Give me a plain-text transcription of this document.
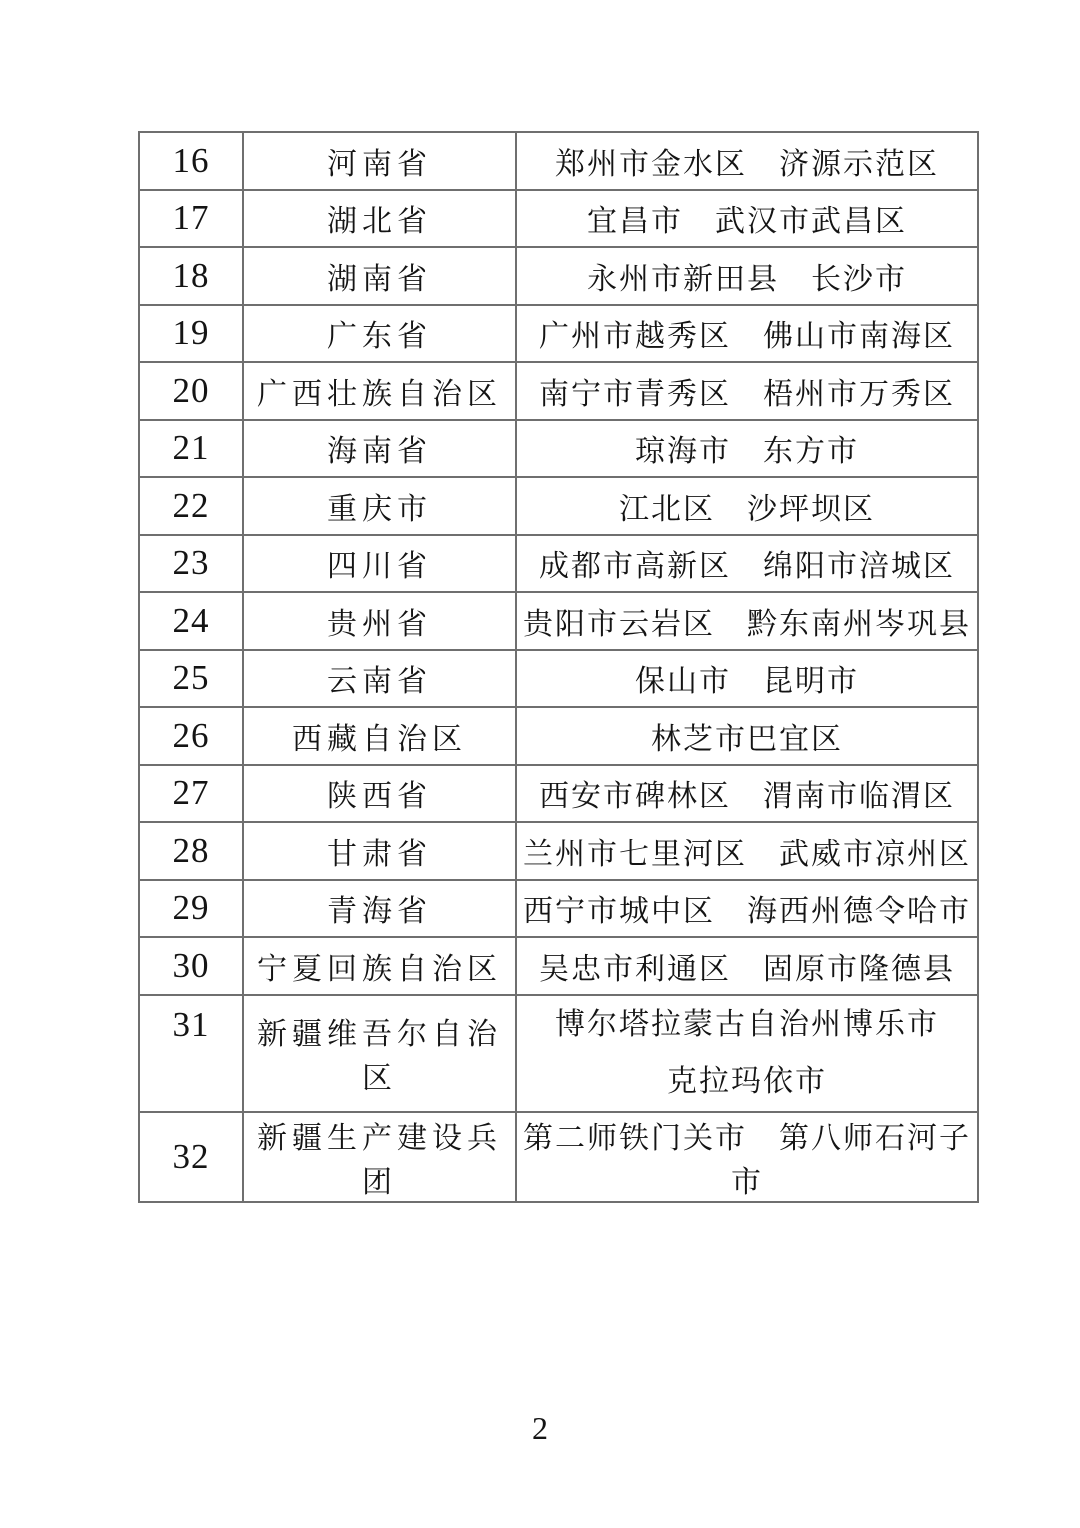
16	河南省	郑州市金水区　济源示范区
17	湖北省	宜昌市　武汉市武昌区
18	湖南省	永州市新田县　长沙市
19	广东省	广州市越秀区　佛山市南海区
20	广西壮族自治区	南宁市青秀区　梧州市万秀区
21	海南省	琼海市　东方市
22	重庆市	江北区　沙坪坝区
23	四川省	成都市高新区　绵阳市涪城区
24	贵州省	贵阳市云岩区　黔东南州岑巩县
25	云南省	保山市　昆明市
26	西藏自治区	林芝市巴宜区
27	陕西省	西安市碑林区　渭南市临渭区
28	甘肃省	兰州市七里河区　武威市凉州区
29	青海省	西宁市城中区　海西州德令哈市
30	宁夏回族自治区	吴忠市利通区　固原市隆德县
31	新疆维吾尔自治区	博尔塔拉蒙古自治州博乐市
克拉玛依市

32	新疆生产建设兵团	第二师铁门关市　第八师石河子市
2
